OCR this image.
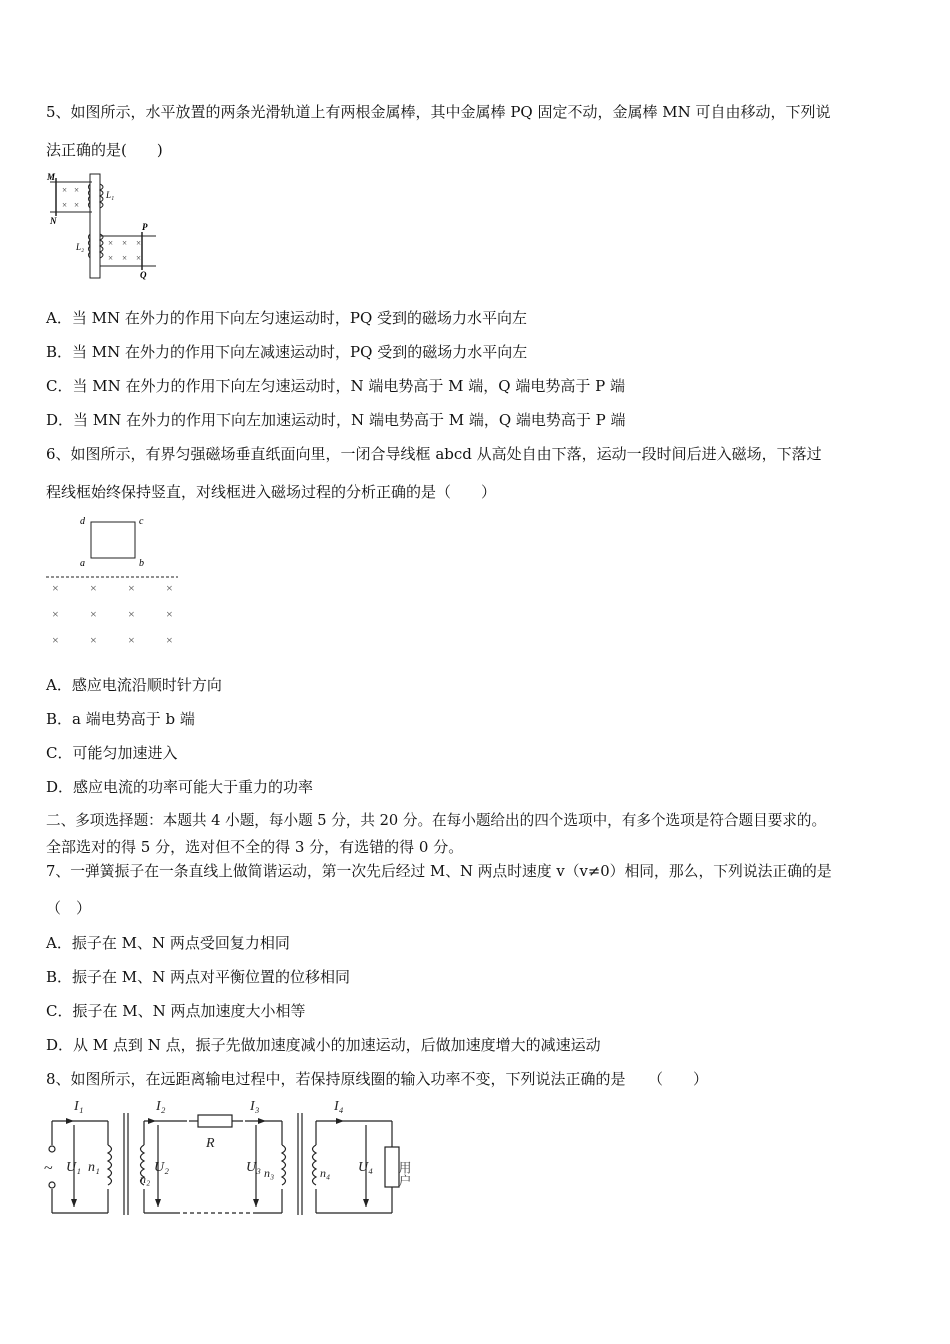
5、如图所示，水平放置的两条光滑轨道上有两根金属棒，其中金属棒 PQ 固定不动，金属棒 MN 可自由移动，下列说
法正确的是(　　)
× ×
× ×
M
N
L₁
L₂	× × ×
× × ×
P
Q
A．当 MN 在外力的作用下向左匀速运动时，PQ 受到的磁场力水平向左
B．当 MN 在外力的作用下向左减速运动时，PQ 受到的磁场力水平向左
C．当 MN 在外力的作用下向左匀速运动时，N 端电势高于 M 端，Q 端电势高于 P 端
D．当 MN 在外力的作用下向左加速运动时，N 端电势高于 M 端，Q 端电势高于 P 端
6、如图所示，有界匀强磁场垂直纸面向里，一闭合导线框 abcd 从高处自由下落，运动一段时间后进入磁场，下落过
程线框始终保持竖直，对线框进入磁场过程的分析正确的是（　　）
d	c
a	b
×	×	×	×
×	×	×	×
×	×	×	×
A．感应电流沿顺时针方向
B．a 端电势高于 b 端
C．可能匀加速进入
D．感应电流的功率可能大于重力的功率
二、多项选择题：本题共 4 小题，每小题 5 分，共 20 分。在每小题给出的四个选项中，有多个选项是符合题目要求的。
全部选对的得 5 分，选对但不全的得 3 分，有选错的得 0 分。
7、一弹簧振子在一条直线上做简谐运动，第一次先后经过 M、N 两点时速度 v（v≠0）相同，那么，下列说法正确的是
（　）
A．振子在 M、N 两点受回复力相同
B．振子在 M、N 两点对平衡位置的位移相同
C．振子在 M、N 两点加速度大小相等
D．从 M 点到 N 点，振子先做加速度减小的加速运动，后做加速度增大的减速运动
8、如图所示，在远距离输电过程中，若保持原线圈的输入功率不变，下列说法正确的是　　（　　）
I₁	I₂	I₃	I₄
U₁ n₁
n₂
U₂	U₃ n₃	n₄ U₄
R
~	用户
